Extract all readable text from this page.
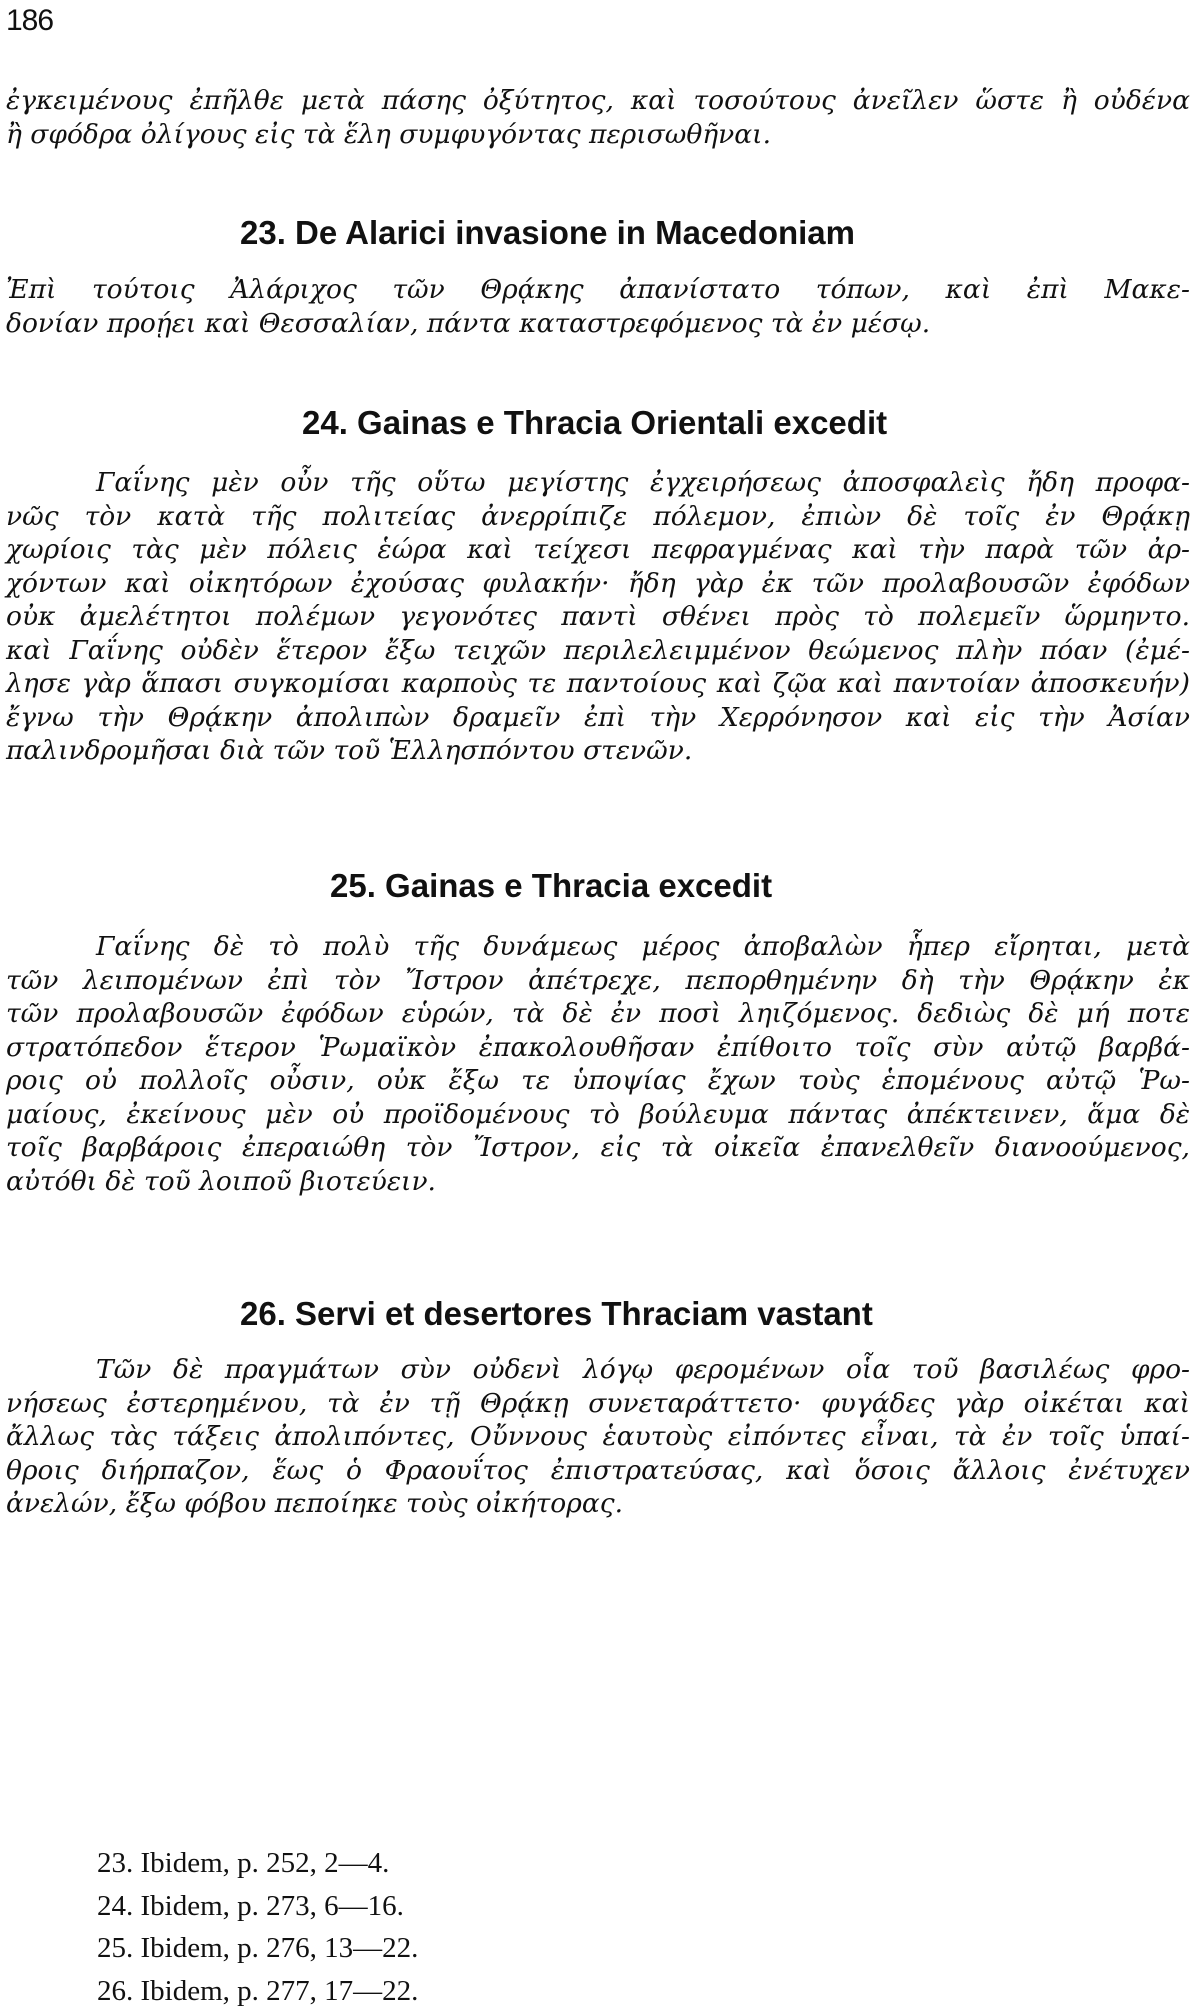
186
ἐγκειμένους ἐπῆλθε μετὰ πάσης ὀξύτητος, καὶ τοσούτους ἀνεῖλεν ὥστε ἢ οὐδένα
ἢ σφόδρα ὀλίγους εἰς τὰ ἕλη συμφυγόντας περισωθῆναι.
23. De Alarici invasione in Macedoniam
Ἐπὶ τούτοις Ἀλάριχος τῶν Θρᾴκης ἀπανίστατο τόπων, καὶ ἐπὶ Μακε-
δονίαν προῄει καὶ Θεσσαλίαν, πάντα καταστρεφόμενος τὰ ἐν μέσῳ.
24. Gainas e Thracia Orientali excedit
Γαΐνης μὲν οὖν τῆς οὕτω μεγίστης ἐγχειρήσεως ἀποσφαλεὶς ἤδη προφα-
νῶς τὸν κατὰ τῆς πολιτείας ἀνερρίπιζε πόλεμον, ἐπιὼν δὲ τοῖς ἐν Θρᾴκῃ
χωρίοις τὰς μὲν πόλεις ἑώρα καὶ τείχεσι πεφραγμένας καὶ τὴν παρὰ τῶν ἀρ-
χόντων καὶ οἰκητόρων ἐχούσας φυλακήν· ἤδη γὰρ ἐκ τῶν προλαβουσῶν ἐφόδων
οὐκ ἀμελέτητοι πολέμων γεγονότες παντὶ σθένει πρὸς τὸ πολεμεῖν ὥρμηντο.
καὶ Γαΐνης οὐδὲν ἕτερον ἔξω τειχῶν περιλελειμμένον θεώμενος πλὴν πόαν (ἐμέ-
λησε γὰρ ἅπασι συγκομίσαι καρποὺς τε παντοίους καὶ ζῷα καὶ παντοίαν ἀποσκευήν)
ἔγνω τὴν Θρᾴκην ἀπολιπὼν δραμεῖν ἐπὶ τὴν Χερρόνησον καὶ εἰς τὴν Ἀσίαν
παλινδρομῆσαι διὰ τῶν τοῦ Ἑλλησπόντου στενῶν.
25. Gainas e Thracia excedit
Γαΐνης δὲ τὸ πολὺ τῆς δυνάμεως μέρος ἀποβαλὼν ἧπερ εἴρηται, μετὰ
τῶν λειπομένων ἐπὶ τὸν Ἴστρον ἀπέτρεχε, πεπορθημένην δὴ τὴν Θρᾴκην ἐκ
τῶν προλαβουσῶν ἐφόδων εὑρών, τὰ δὲ ἐν ποσὶ ληιζόμενος. δεδιὼς δὲ μή ποτε
στρατόπεδον ἕτερον Ῥωμαϊκὸν ἐπακολουθῆσαν ἐπίθοιτο τοῖς σὺν αὐτῷ βαρβά-
ροις οὐ πολλοῖς οὖσιν, οὐκ ἔξω τε ὑποψίας ἔχων τοὺς ἑπομένους αὐτῷ Ῥω-
μαίους, ἐκείνους μὲν οὐ προϊδομένους τὸ βούλευμα πάντας ἀπέκτεινεν, ἅμα δὲ
τοῖς βαρβάροις ἐπεραιώθη τὸν Ἴστρον, εἰς τὰ οἰκεῖα ἐπανελθεῖν διανοούμενος,
αὐτόθι δὲ τοῦ λοιποῦ βιοτεύειν.
26. Servi et desertores Thraciam vastant
Τῶν δὲ πραγμάτων σὺν οὐδενὶ λόγῳ φερομένων οἷα τοῦ βασιλέως φρο-
νήσεως ἐστερημένου, τὰ ἐν τῇ Θρᾴκῃ συνεταράττετο· φυγάδες γὰρ οἰκέται καὶ
ἄλλως τὰς τάξεις ἀπολιπόντες, Οὔννους ἑαυτοὺς εἰπόντες εἶναι, τὰ ἐν τοῖς ὑπαί-
θροις διήρπαζον, ἕως ὁ Φραουΐτος ἐπιστρατεύσας, καὶ ὅσοις ἄλλοις ἐνέτυχεν
ἀνελών, ἔξω φόβου πεποίηκε τοὺς οἰκήτορας.
23. Ibidem, p. 252, 2—4.
24. Ibidem, p. 273, 6—16.
25. Ibidem, p. 276, 13—22.
26. Ibidem, p. 277, 17—22.
